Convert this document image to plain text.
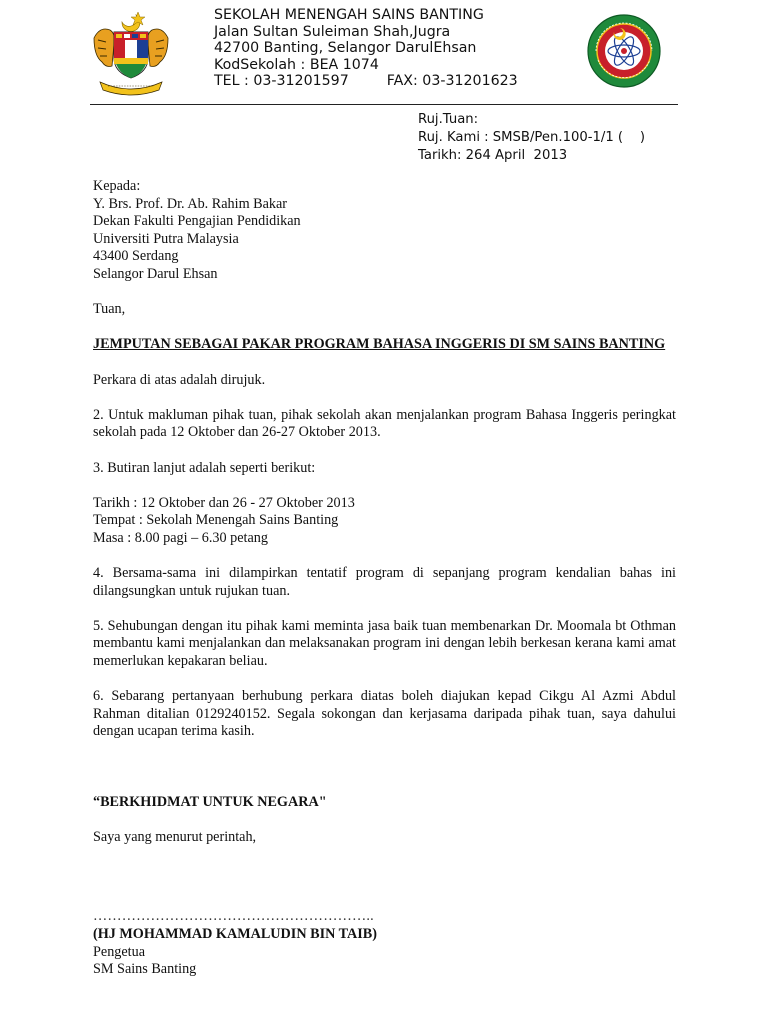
SEKOLAH MENENGAH SAINS BANTING
Jalan Sultan Suleiman Shah,Jugra
42700 Banting, Selangor DarulEhsan
KodSekolah : BEA 1074
TEL : 03-31201597	FAX: 03-31201623
Ruj.Tuan:
Ruj. Kami : SMSB/Pen.100-1/1 (    )
Tarikh: 264 April  2013
Kepada:
Y. Brs. Prof. Dr. Ab. Rahim Bakar
Dekan Fakulti Pengajian Pendidikan
Universiti Putra Malaysia
43400 Serdang
Selangor Darul Ehsan
Tuan,
JEMPUTAN SEBAGAI PAKAR PROGRAM BAHASA INGGERIS DI SM SAINS BANTING
Perkara di atas adalah dirujuk.
2. Untuk makluman pihak tuan, pihak sekolah akan menjalankan program Bahasa Inggeris peringkat sekolah pada 12 Oktober dan 26-27 Oktober 2013.
3. Butiran lanjut adalah seperti berikut:
Tarikh : 12 Oktober dan 26 - 27 Oktober 2013
Tempat : Sekolah Menengah Sains Banting
Masa : 8.00 pagi – 6.30 petang
4. Bersama-sama ini dilampirkan tentatif program di sepanjang program kendalian bahas ini dilangsungkan untuk rujukan tuan.
5. Sehubungan dengan itu pihak kami meminta jasa baik tuan membenarkan Dr. Moomala bt Othman membantu kami menjalankan dan melaksanakan program ini dengan lebih berkesan kerana kami amat memerlukan kepakaran beliau.
6. Sebarang pertanyaan berhubung perkara diatas boleh diajukan kepad Cikgu Al Azmi Abdul Rahman ditalian 0129240152. Segala sokongan dan kerjasama daripada pihak tuan, saya dahului dengan ucapan terima kasih.
“BERKHIDMAT UNTUK NEGARA"
Saya yang menurut perintah,
…………………………………………………..
(HJ MOHAMMAD KAMALUDIN BIN TAIB)
Pengetua
SM Sains Banting
